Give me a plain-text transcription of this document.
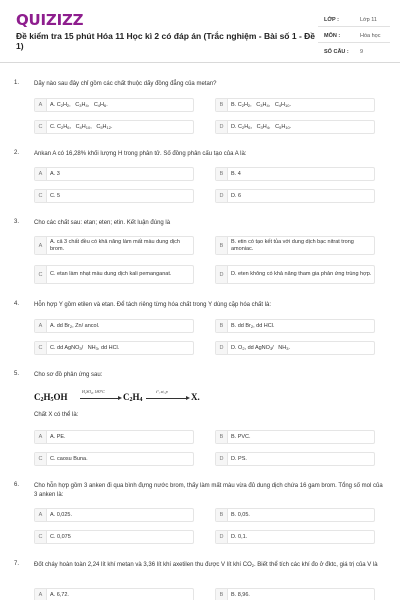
QUIZIZZ
Đề kiểm tra 15 phút Hóa 11 Học kì 2 có đáp án (Trắc nghiệm - Bài số 1 - Đề 1)
LỚP :	Lớp 11
MÔN :	Hóa học
SỐ CÂU : 9
1. Dãy nào sau đây chỉ gồm các chất thuộc dãy đồng đẳng của metan?
A	A. C 2 H 2 ,   C 3 H 4 ,   C 4 H 6 .	B	B. C 2 H 2 ,   C 3 H 4 ,   C 4 H 10 .
C	C. C 2 H 6 ,   C 4 H 10 ,   C 5 H 12 .	D	D. C 2 H 6 ,   C 3 H 4 ,   C 5 H 10 .
2. Ankan A có 16,28% khối lượng H trong phân tử. Số đồng phân cấu tạo của A là:
A	A. 3	B	B. 4
C	C. 5	D	D. 6
3. Cho các chất sau: etan; eten; etin. Kết luận đúng là
A
A. cả 3 chất đều có khả năng làm mất màu dung dịch brom.	B
B. etin có tạo kết tủa với dung dịch bạc nitrat trong amoniac.
C	C. etan làm nhạt màu dung dịch kali pemanganat.	D	D. eten không có khả năng tham gia phản ứng trùng hợp.
4. Hỗn hợp Y gồm etilen và etan. Để tách riêng từng hóa chất trong Y dùng cặp hóa chất là:
A	A. dd Br 2 , Zn/ ancol.	B	B. dd Br 2 , dd HCl.
C	C. dd AgNO 3 /   NH 3 , dd HCl.	D	D. O 2 , dd AgNO 3 /   NH 3 .
5. Cho sơ đồ phản ứng sau:
$C_2H_5OH$
H₂SO₄, 180°C
$C_2H_4$
t°, xt, p
X.
Chất X có thể là:
A	A. PE.	B	B. PVC.
C	C. caosu Buna.	D	D. PS.
6. Cho hỗn hợp gồm 3 anken đi qua bình đựng nước brom, thấy làm mất màu vừa đủ dung dịch chứa 16 gam brom. Tổng số mol của 3 anken là:
A	A. 0,025.	B	B. 0,05.
C	C. 0,075	D	D. 0,1.
7. Đốt cháy hoàn toàn 2,24 lít khí metan và 3,36 lít khí axetilen thu được V lít khí $CO_2$. Biết thể tích các khí đo ở đktc, giá trị của V là
A	A. 6,72.	B	B. 8,96.
